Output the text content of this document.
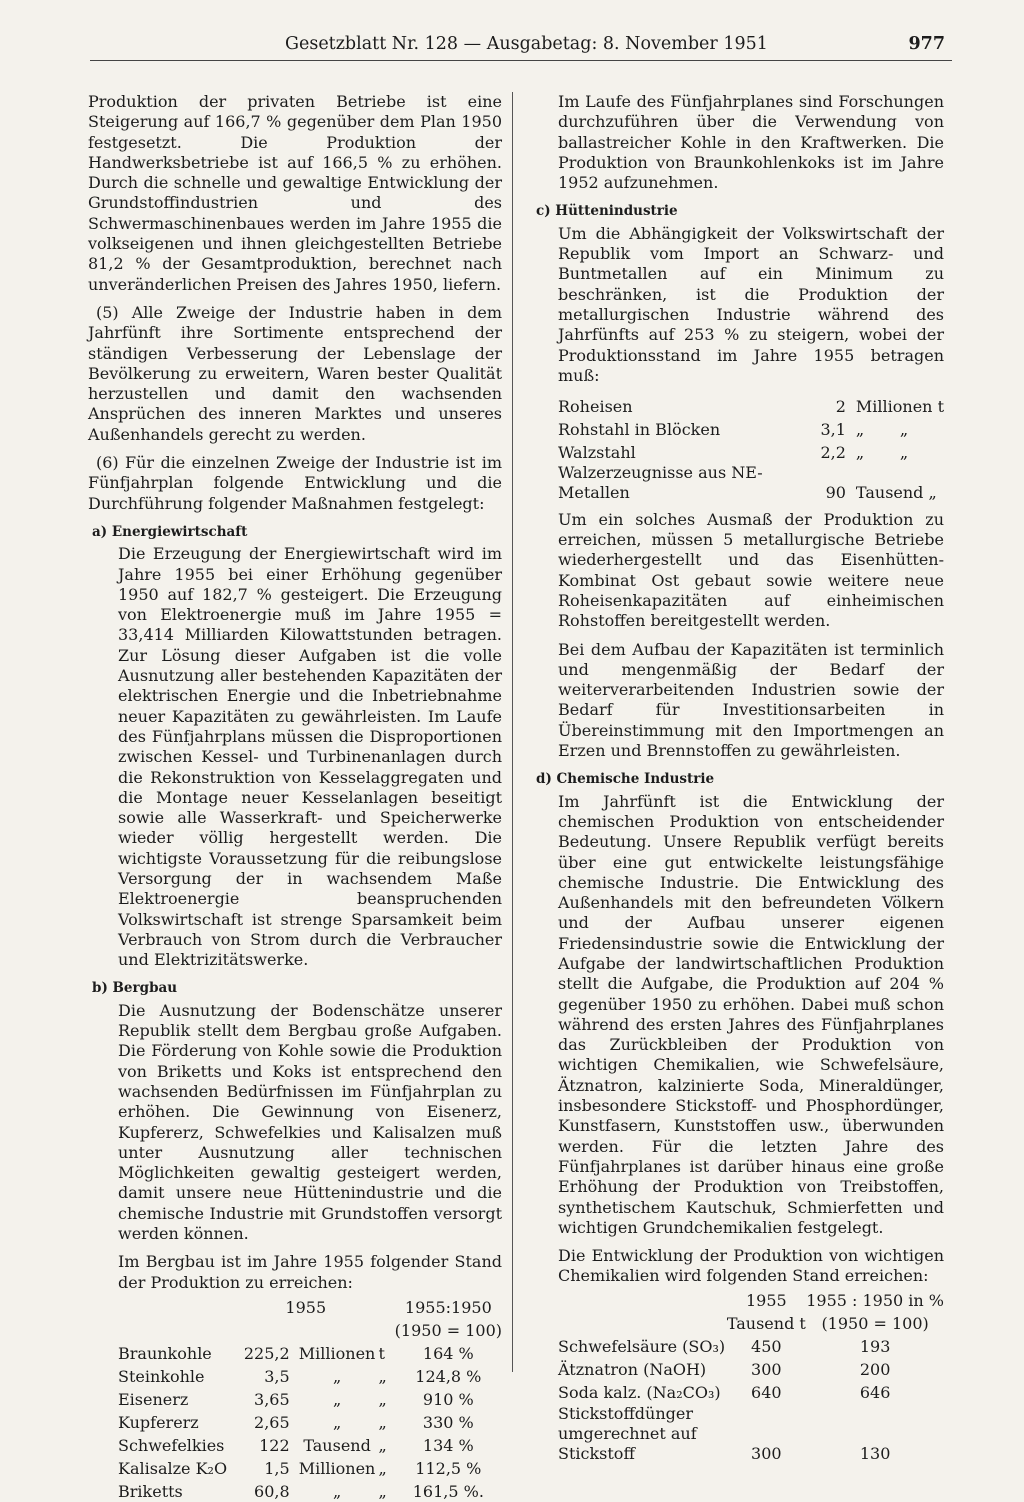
Gesetzblatt Nr. 128 — Ausgabetag: 8. November 1951	977

Produktion der privaten Betriebe ist eine Steigerung auf 166,7 % gegenüber dem Plan 1950 festgesetzt. Die Produktion der Handwerksbetriebe ist auf 166,5 % zu erhöhen. Durch die schnelle und gewaltige Entwicklung der Grundstoffindustrien und des Schwermaschinenbaues werden im Jahre 1955 die volkseigenen und ihnen gleichgestellten Betriebe 81,2 % der Gesamtproduktion, berechnet nach unveränderlichen Preisen des Jahres 1950, liefern.

(5) Alle Zweige der Industrie haben in dem Jahrfünft ihre Sortimente entsprechend der ständigen Verbesserung der Lebenslage der Bevölkerung zu erweitern, Waren bester Qualität herzustellen und damit den wachsenden Ansprüchen des inneren Marktes und unseres Außenhandels gerecht zu werden.

(6) Für die einzelnen Zweige der Industrie ist im Fünfjahrplan folgende Entwicklung und die Durchführung folgender Maßnahmen festgelegt:

a) Energiewirtschaft

Die Erzeugung der Energiewirtschaft wird im Jahre 1955 bei einer Erhöhung gegenüber 1950 auf 182,7 % gesteigert. Die Erzeugung von Elektroenergie muß im Jahre 1955 = 33,414 Milliarden Kilowattstunden betragen. Zur Lösung dieser Aufgaben ist die volle Ausnutzung aller bestehenden Kapazitäten der elektrischen Energie und die Inbetriebnahme neuer Kapazitäten zu gewährleisten. Im Laufe des Fünfjahrplans müssen die Disproportionen zwischen Kessel- und Turbinenanlagen durch die Rekonstruktion von Kesselaggregaten und die Montage neuer Kesselanlagen beseitigt sowie alle Wasserkraft- und Speicherwerke wieder völlig hergestellt werden. Die wichtigste Voraussetzung für die reibungslose Versorgung der in wachsendem Maße Elektroenergie beanspruchenden Volkswirtschaft ist strenge Sparsamkeit beim Verbrauch von Strom durch die Verbraucher und Elektrizitätswerke.

b) Bergbau

Die Ausnutzung der Bodenschätze unserer Republik stellt dem Bergbau große Aufgaben. Die Förderung von Kohle sowie die Produktion von Briketts und Koks ist entsprechend den wachsenden Bedürfnissen im Fünfjahrplan zu erhöhen. Die Gewinnung von Eisenerz, Kupfererz, Schwefelkies und Kalisalzen muß unter Ausnutzung aller technischen Möglichkeiten gewaltig gesteigert werden, damit unsere neue Hüttenindustrie und die chemische Industrie mit Grundstoffen versorgt werden können.

Im Bergbau ist im Jahre 1955 folgender Stand der Produktion zu erreichen:

	1955			1955:1950
				(1950 = 100)
Braunkohle	225,2	Millionen	t	164 %
Steinkohle	3,5	„	„	124,8 %
Eisenerz	3,65	„	„	910 %
Kupfererz	2,65	„	„	330 %
Schwefelkies	122	Tausend	„	134 %
Kalisalze K₂O	1,5	Millionen	„	112,5 %
Briketts	60,8	„	„	161,5 %.

Im Laufe des Fünfjahrplanes sind Forschungen durchzuführen über die Verwendung von ballastreicher Kohle in den Kraftwerken. Die Produktion von Braunkohlenkoks ist im Jahre 1952 aufzunehmen.

c) Hüttenindustrie

Um die Abhängigkeit der Volkswirtschaft der Republik vom Import an Schwarz- und Buntmetallen auf ein Minimum zu beschränken, ist die Produktion der metallurgischen Industrie während des Jahrfünfts auf 253 % zu steigern, wobei der Produktionsstand im Jahre 1955 betragen muß:

Roheisen	2	Millionen t
Rohstahl in Blöcken	3,1	„       „
Walzstahl	2,2	„       „
Walzerzeugnisse aus NE-Metallen	90	Tausend „

Um ein solches Ausmaß der Produktion zu erreichen, müssen 5 metallurgische Betriebe wiederhergestellt und das Eisenhütten-Kombinat Ost gebaut sowie weitere neue Roheisenkapazitäten auf einheimischen Rohstoffen bereitgestellt werden.

Bei dem Aufbau der Kapazitäten ist terminlich und mengenmäßig der Bedarf der weiterverarbeitenden Industrien sowie der Bedarf für Investitionsarbeiten in Übereinstimmung mit den Importmengen an Erzen und Brennstoffen zu gewährleisten.

d) Chemische Industrie

Im Jahrfünft ist die Entwicklung der chemischen Produktion von entscheidender Bedeutung. Unsere Republik verfügt bereits über eine gut entwickelte leistungsfähige chemische Industrie. Die Entwicklung des Außenhandels mit den befreundeten Völkern und der Aufbau unserer eigenen Friedensindustrie sowie die Entwicklung der Aufgabe der landwirtschaftlichen Produktion stellt die Aufgabe, die Produktion auf 204 % gegenüber 1950 zu erhöhen. Dabei muß schon während des ersten Jahres des Fünfjahrplanes das Zurückbleiben der Produktion von wichtigen Chemikalien, wie Schwefelsäure, Ätznatron, kalzinierte Soda, Mineraldünger, insbesondere Stickstoff- und Phosphordünger, Kunstfasern, Kunststoffen usw., überwunden werden. Für die letzten Jahre des Fünfjahrplanes ist darüber hinaus eine große Erhöhung der Produktion von Treibstoffen, synthetischem Kautschuk, Schmierfetten und wichtigen Grundchemikalien festgelegt.

Die Entwicklung der Produktion von wichtigen Chemikalien wird folgenden Stand erreichen:

	1955	1955 : 1950 in %
	Tausend t	(1950 = 100)
Schwefelsäure (SO₃)	450	193
Ätznatron (NaOH)	300	200
Soda kalz. (Na₂CO₃)	640	646
Stickstoffdünger umgerechnet auf Stickstoff	300	130
